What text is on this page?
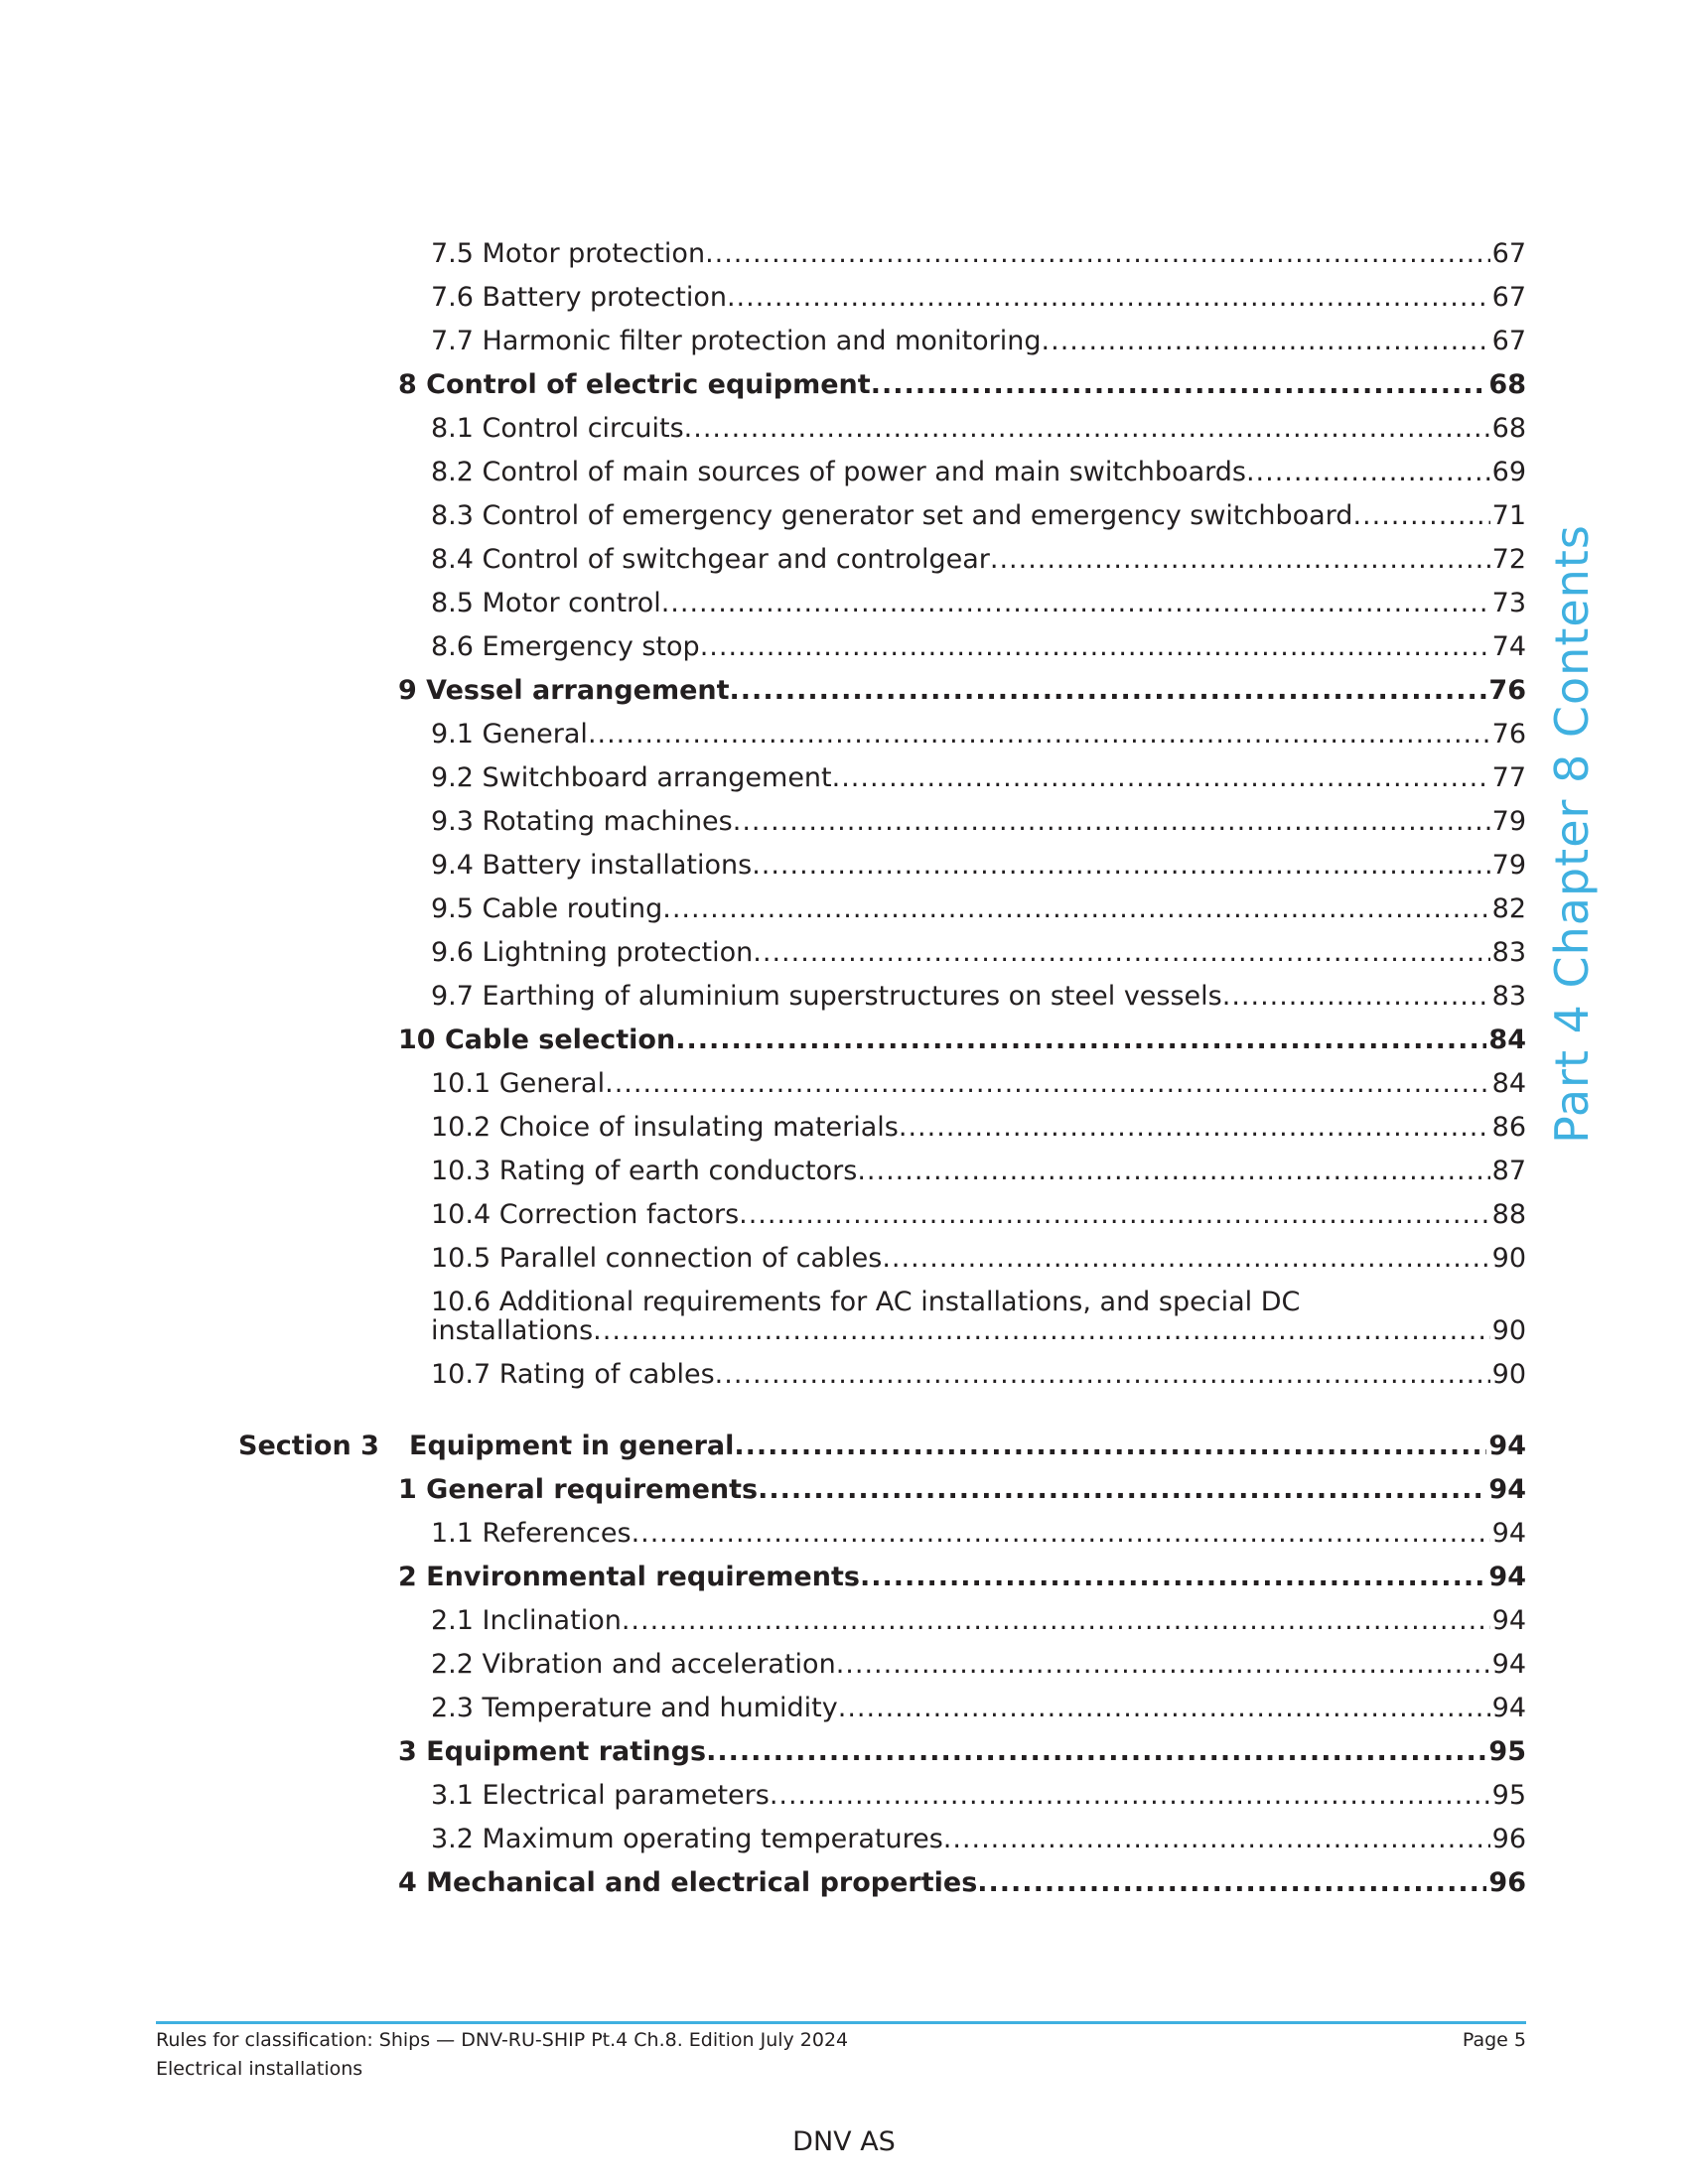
Part 4 Chapter 8 Contents
7.5 Motor protection .....	67
7.6 Battery protection .....	67
7.7 Harmonic filter protection and monitoring .....	67
8 Control of electric equipment .....	68
8.1 Control circuits .....	68
8.2 Control of main sources of power and main switchboards .....	69
8.3 Control of emergency generator set and emergency switchboard .....	71
8.4 Control of switchgear and controlgear .....	72
8.5 Motor control .....	73
8.6 Emergency stop .....	74
9 Vessel arrangement .....	76
9.1 General .....	76
9.2 Switchboard arrangement .....	77
9.3 Rotating machines .....	79
9.4 Battery installations .....	79
9.5 Cable routing .....	82
9.6 Lightning protection .....	83
9.7 Earthing of aluminium superstructures on steel vessels .....	83
10 Cable selection .....	84
10.1 General .....	84
10.2 Choice of insulating materials .....	86
10.3 Rating of earth conductors .....	87
10.4 Correction factors .....	88
10.5 Parallel connection of cables .....	90
10.6 Additional requirements for AC installations, and special DC
installations .....	90
10.7 Rating of cables .....	90
Section 3	Equipment in general .....	94
1 General requirements .....	94
1.1 References .....	94
2 Environmental requirements .....	94
2.1 Inclination .....	94
2.2 Vibration and acceleration .....	94
2.3 Temperature and humidity .....	94
3 Equipment ratings .....	95
3.1 Electrical parameters .....	95
3.2 Maximum operating temperatures .....	96
4 Mechanical and electrical properties .....	96
Rules for classification: Ships — DNV-RU-SHIP Pt.4 Ch.8. Edition July 2024
Electrical installations
Page 5
DNV AS
